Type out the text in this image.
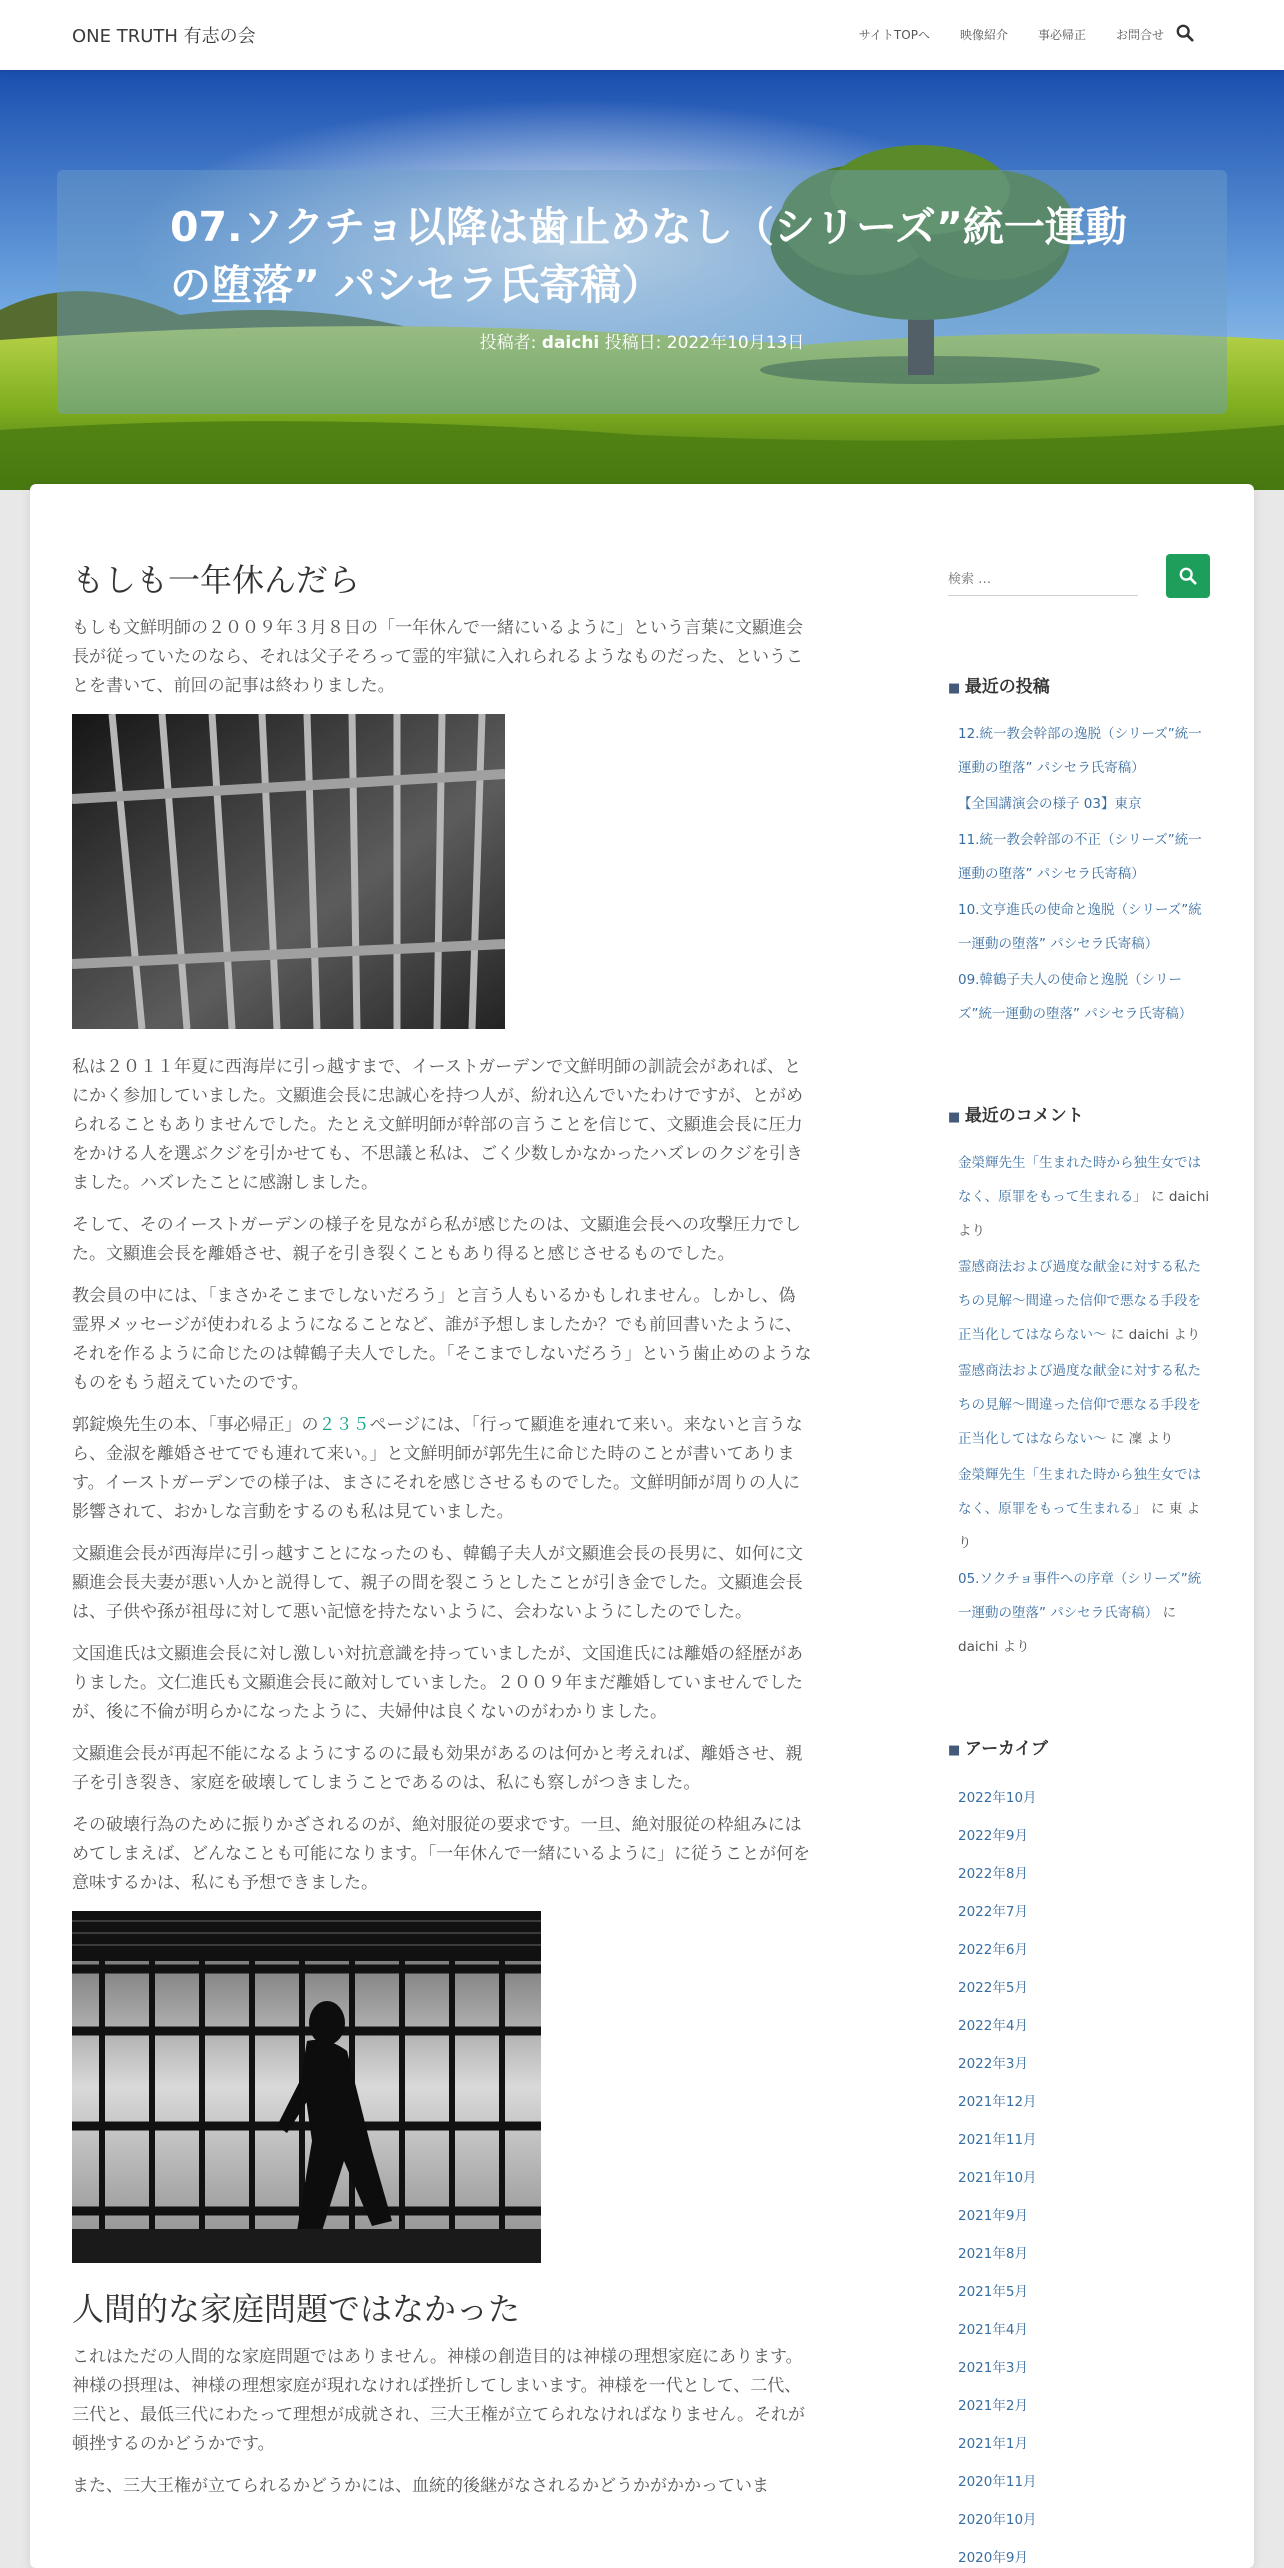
ONE TRUTH 有志の会	サイトTOPへ	映像紹介	事必帰正	お問合せ
07.ソクチョ以降は歯止めなし（シリーズ”統一運動の堕落” パシセラ氏寄稿）
投稿者: daichi 投稿日: 2022年10月13日
もしも一年休んだら

もしも文鮮明師の２００９年３月８日の「一年休んで一緒にいるように」という言葉に文顯進会長が従っていたのなら、それは父子そろって霊的牢獄に入れられるようなものだった、ということを書いて、前回の記事は終わりました。

私は２０１１年夏に西海岸に引っ越すまで、イーストガーデンで文鮮明師の訓読会があれば、とにかく参加していました。文顯進会長に忠誠心を持つ人が、紛れ込んでいたわけですが、とがめられることもありませんでした。たとえ文鮮明師が幹部の言うことを信じて、文顯進会長に圧力をかける人を選ぶクジを引かせても、不思議と私は、ごく少数しかなかったハズレのクジを引きました。ハズレたことに感謝しました。

そして、そのイーストガーデンの様子を見ながら私が感じたのは、文顯進会長への攻撃圧力でした。文顯進会長を離婚させ、親子を引き裂くこともあり得ると感じさせるものでした。

教会員の中には、「まさかそこまでしないだろう」と言う人もいるかもしれません。しかし、偽霊界メッセージが使われるようになることなど、誰が予想しましたか？でも前回書いたように、それを作るように命じたのは韓鶴子夫人でした。「そこまでしないだろう」という歯止めのようなものをもう超えていたのです。

郭錠煥先生の本、「事必帰正」の２３５ページには、「行って顯進を連れて来い。来ないと言うなら、金淑を離婚させてでも連れて来い。」と文鮮明師が郭先生に命じた時のことが書いてあります。イーストガーデンでの様子は、まさにそれを感じさせるものでした。文鮮明師が周りの人に影響されて、おかしな言動をするのも私は見ていました。

文顯進会長が西海岸に引っ越すことになったのも、韓鶴子夫人が文顯進会長の長男に、如何に文顯進会長夫妻が悪い人かと説得して、親子の間を裂こうとしたことが引き金でした。文顯進会長は、子供や孫が祖母に対して悪い記憶を持たないように、会わないようにしたのでした。

文国進氏は文顯進会長に対し激しい対抗意識を持っていましたが、文国進氏には離婚の経歴がありました。文仁進氏も文顯進会長に敵対していました。２００９年まだ離婚していませんでしたが、後に不倫が明らかになったように、夫婦仲は良くないのがわかりました。

文顯進会長が再起不能になるようにするのに最も効果があるのは何かと考えれば、離婚させ、親子を引き裂き、家庭を破壊してしまうことであるのは、私にも察しがつきました。

その破壊行為のために振りかざされるのが、絶対服従の要求です。一旦、絶対服従の枠組みにはめてしまえば、どんなことも可能になります。「一年休んで一緒にいるように」に従うことが何を意味するかは、私にも予想できました。

人間的な家庭問題ではなかった

これはただの人間的な家庭問題ではありません。神様の創造目的は神様の理想家庭にあります。神様の摂理は、神様の理想家庭が現れなければ挫折してしまいます。神様を一代として、二代、三代と、最低三代にわたって理想が成就され、三大王権が立てられなければなりません。それが頓挫するのかどうかです。

また、三大王権が立てられるかどうかには、血統的後継がなされるかどうかがかかっていま

検索 …
■ 最近の投稿
12.統一教会幹部の逸脱（シリーズ”統一運動の堕落” パシセラ氏寄稿）
【全国講演会の様子 03】東京
11.統一教会幹部の不正（シリーズ”統一運動の堕落” パシセラ氏寄稿）
10.文亨進氏の使命と逸脱（シリーズ”統一運動の堕落” パシセラ氏寄稿）
09.韓鶴子夫人の使命と逸脱（シリーズ”統一運動の堕落” パシセラ氏寄稿）
■ 最近のコメント
金榮輝先生「生まれた時から独生女ではなく、原罪をもって生まれる」 に daichi より
霊感商法および過度な献金に対する私たちの見解～間違った信仰で悪なる手段を正当化してはならない～ に daichi より
霊感商法および過度な献金に対する私たちの見解～間違った信仰で悪なる手段を正当化してはならない～ に 凜 より
金榮輝先生「生まれた時から独生女ではなく、原罪をもって生まれる」 に 東 より
05.ソクチョ事件への序章（シリーズ”統一運動の堕落” パシセラ氏寄稿） に daichi より
■ アーカイブ
2022年10月
2022年9月
2022年8月
2022年7月
2022年6月
2022年5月
2022年4月
2022年3月
2021年12月
2021年11月
2021年10月
2021年9月
2021年8月
2021年5月
2021年4月
2021年3月
2021年2月
2021年1月
2020年11月
2020年10月
2020年9月
